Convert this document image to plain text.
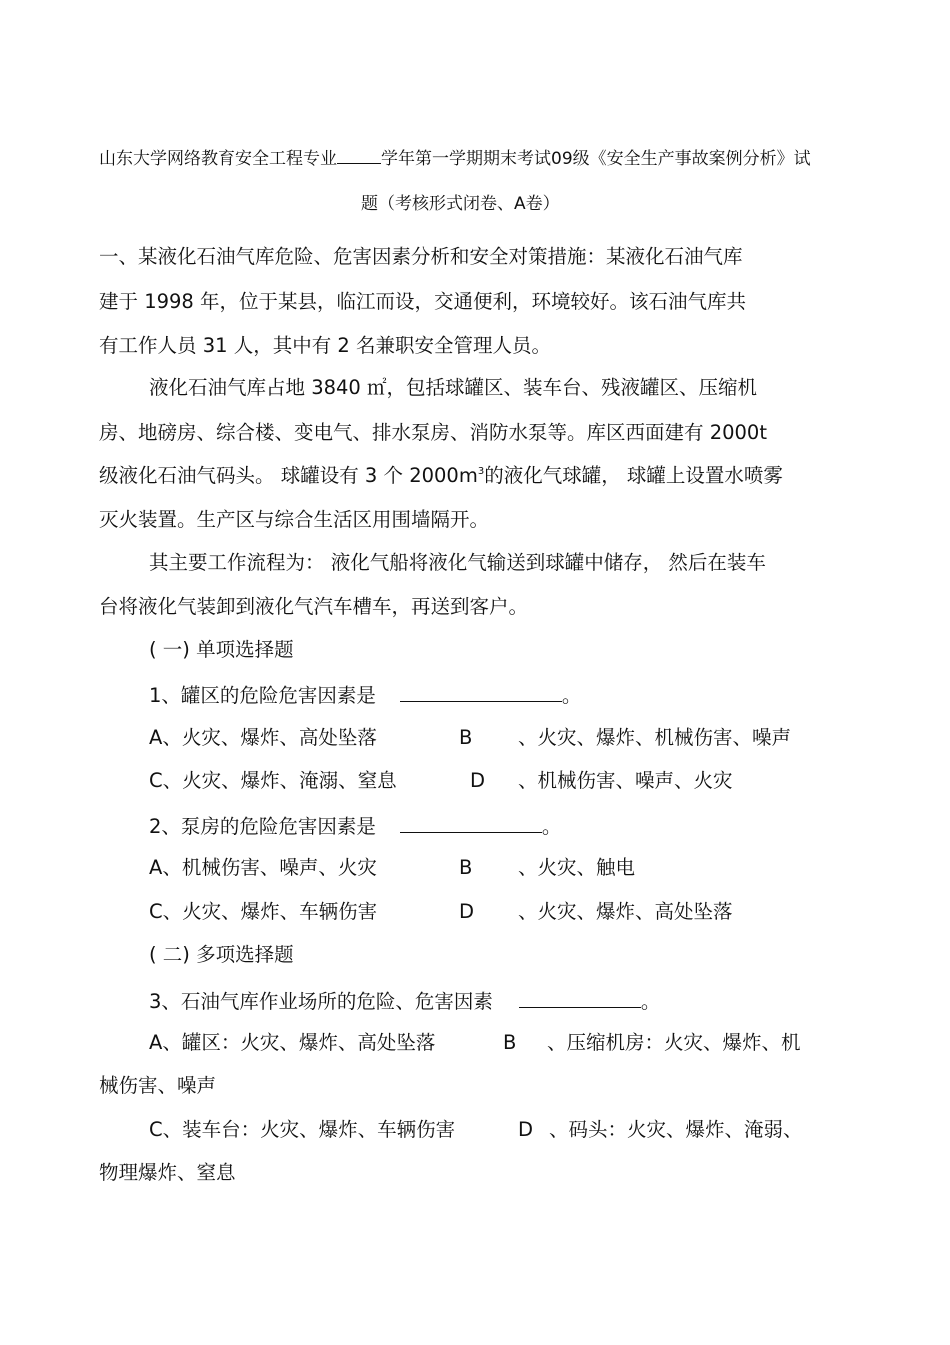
山东大学网络教育安全工程专业	学年第一学期期末考试09级《安全生产事故案例分析》试
题（考核形式闭卷、A卷）
一、某液化石油气库危险、危害因素分析和安全对策措施：某液化石油气库
建于 1998 年，位于某县，临江而设，交通便利，环境较好。该石油气库共
有工作人员 31 人，其中有 2 名兼职安全管理人员。
液化石油气库占地 3840 ㎡，包括球罐区、装车台、残液罐区、压缩机
房、地磅房、综合楼、变电气、排水泵房、消防水泵等。库区西面建有 2000t
级液化石油气码头。 球罐设有 3 个 $2000m^3$的液化气球罐， 球罐上设置水喷雾
灭火装置。生产区与综合生活区用围墙隔开。
其主要工作流程为： 液化气船将液化气输送到球罐中储存， 然后在装车
台将液化气装卸到液化气汽车槽车，再送到客户。
( 一) 单项选择题
1、罐区的危险危害因素是	。
A、火灾、爆炸、高处坠落	B 、火灾、爆炸、机械伤害、噪声
C、火灾、爆炸、淹溺、窒息	D 、机械伤害、噪声、火灾
2、泵房的危险危害因素是	。
A、机械伤害、噪声、火灾	B 、火灾、触电
C、火灾、爆炸、车辆伤害	D 、火灾、爆炸、高处坠落
( 二) 多项选择题
3、石油气库作业场所的危险、危害因素	。
A、罐区：火灾、爆炸、高处坠落	B 、压缩机房：火灾、爆炸、机
械伤害、噪声
C、装车台：火灾、爆炸、车辆伤害	D 、码头：火灾、爆炸、淹弱、
物理爆炸、窒息
